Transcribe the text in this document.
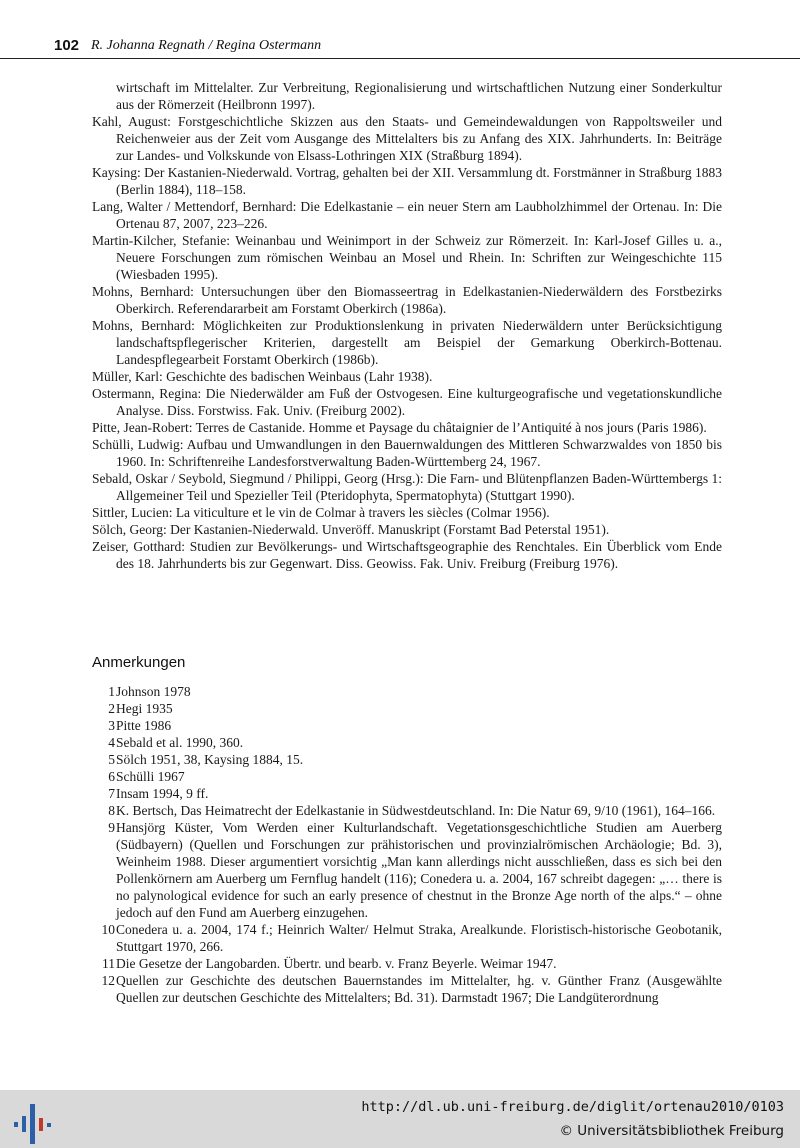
102 R. Johanna Regnath / Regina Ostermann

wirtschaft im Mittelalter. Zur Verbreitung, Regionalisierung und wirtschaftlichen Nutzung einer Sonderkultur aus der Römerzeit (Heilbronn 1997).

Kahl, August: Forstgeschichtliche Skizzen aus den Staats- und Gemeindewaldungen von Rappoltsweiler und Reichenweier aus der Zeit vom Ausgange des Mittelalters bis zu Anfang des XIX. Jahrhunderts. In: Beiträge zur Landes- und Volkskunde von Elsass-Lothringen XIX (Straßburg 1894).

Kaysing: Der Kastanien-Niederwald. Vortrag, gehalten bei der XII. Versammlung dt. Forstmänner in Straßburg 1883 (Berlin 1884), 118–158.

Lang, Walter / Mettendorf, Bernhard: Die Edelkastanie – ein neuer Stern am Laubholzhimmel der Ortenau. In: Die Ortenau 87, 2007, 223–226.

Martin-Kilcher, Stefanie: Weinanbau und Weinimport in der Schweiz zur Römerzeit. In: Karl-Josef Gilles u. a., Neuere Forschungen zum römischen Weinbau an Mosel und Rhein. In: Schriften zur Weingeschichte 115 (Wiesbaden 1995).

Mohns, Bernhard: Untersuchungen über den Biomasseertrag in Edelkastanien-Niederwäldern des Forstbezirks Oberkirch. Referendararbeit am Forstamt Oberkirch (1986a).

Mohns, Bernhard: Möglichkeiten zur Produktionslenkung in privaten Niederwäldern unter Berücksichtigung landschaftspflegerischer Kriterien, dargestellt am Beispiel der Gemarkung Oberkirch-Bottenau. Landespflegearbeit Forstamt Oberkirch (1986b).

Müller, Karl: Geschichte des badischen Weinbaus (Lahr 1938).

Ostermann, Regina: Die Niederwälder am Fuß der Ostvogesen. Eine kulturgeografische und vegetationskundliche Analyse. Diss. Forstwiss. Fak. Univ. (Freiburg 2002).

Pitte, Jean-Robert: Terres de Castanide. Homme et Paysage du châtaignier de l’Antiquité à nos jours (Paris 1986).

Schülli, Ludwig: Aufbau und Umwandlungen in den Bauernwaldungen des Mittleren Schwarzwaldes von 1850 bis 1960. In: Schriftenreihe Landesforstverwaltung Baden-Württemberg 24, 1967.

Sebald, Oskar / Seybold, Siegmund / Philippi, Georg (Hrsg.): Die Farn- und Blütenpflanzen Baden-Württembergs 1: Allgemeiner Teil und Spezieller Teil (Pteridophyta, Spermatophyta) (Stuttgart 1990).

Sittler, Lucien: La viticulture et le vin de Colmar à travers les siècles (Colmar 1956).

Sölch, Georg: Der Kastanien-Niederwald. Unveröff. Manuskript (Forstamt Bad Peterstal 1951).

Zeiser, Gotthard: Studien zur Bevölkerungs- und Wirtschaftsgeographie des Renchtales. Ein Überblick vom Ende des 18. Jahrhunderts bis zur Gegenwart. Diss. Geowiss. Fak. Univ. Freiburg (Freiburg 1976).

Anmerkungen
1 Johnson 1978
2 Hegi 1935
3 Pitte 1986
4 Sebald et al. 1990, 360.
5 Sölch 1951, 38, Kaysing 1884, 15.
6 Schülli 1967
7 Insam 1994, 9 ff.
8 K. Bertsch, Das Heimatrecht der Edelkastanie in Südwestdeutschland. In: Die Natur 69, 9/10 (1961), 164–166.
9 Hansjörg Küster, Vom Werden einer Kulturlandschaft. Vegetationsgeschichtliche Studien am Auerberg (Südbayern) (Quellen und Forschungen zur prähistorischen und provinzialrömischen Archäologie; Bd. 3), Weinheim 1988. Dieser argumentiert vorsichtig „Man kann allerdings nicht ausschließen, dass es sich bei den Pollenkörnern am Auerberg um Fernflug handelt (116); Conedera u. a. 2004, 167 schreibt dagegen: „… there is no palynological evidence for such an early presence of chestnut in the Bronze Age north of the alps.“ – ohne jedoch auf den Fund am Auerberg einzugehen.
10 Conedera u. a. 2004, 174 f.; Heinrich Walter/ Helmut Straka, Arealkunde. Floristisch-historische Geobotanik, Stuttgart 1970, 266.
11 Die Gesetze der Langobarden. Übertr. und bearb. v. Franz Beyerle. Weimar 1947.
12 Quellen zur Geschichte des deutschen Bauernstandes im Mittelalter, hg. v. Günther Franz (Ausgewählte Quellen zur deutschen Geschichte des Mittelalters; Bd. 31). Darmstadt 1967; Die Landgüterordnung
http://dl.ub.uni-freiburg.de/diglit/ortenau2010/0103
© Universitätsbibliothek Freiburg
